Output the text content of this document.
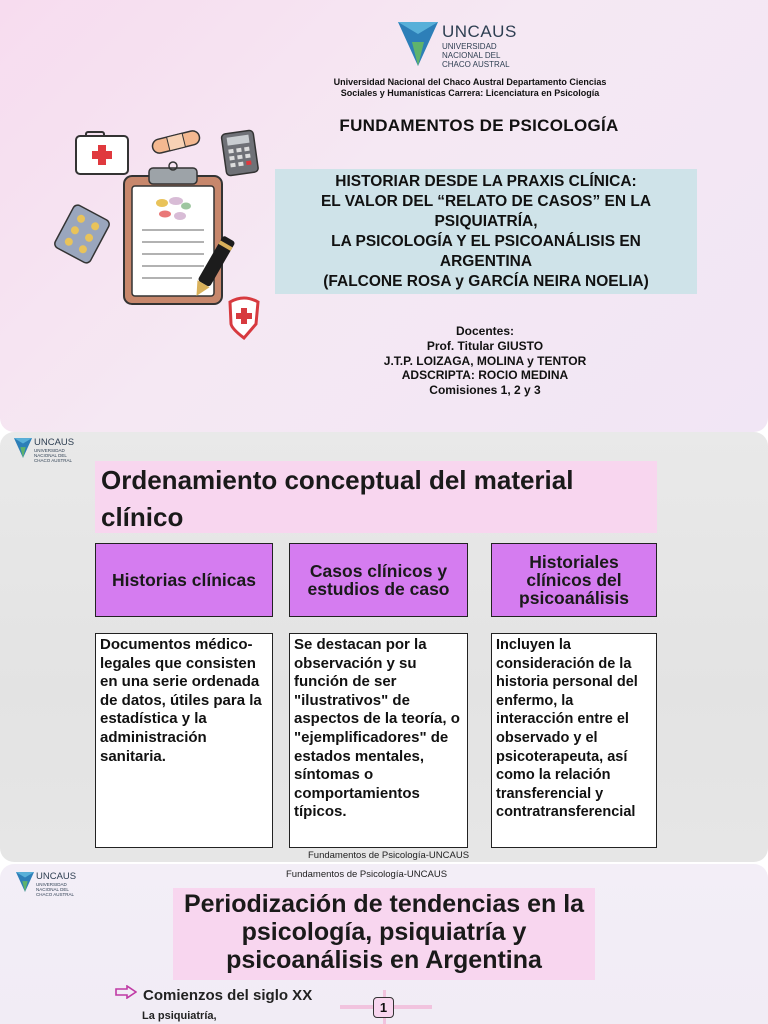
UNCAUS
UNIVERSIDAD
NACIONAL DEL
CHACO AUSTRAL
Universidad Nacional del Chaco Austral Departamento Ciencias
Sociales y Humanísticas Carrera: Licenciatura en Psicología
FUNDAMENTOS DE PSICOLOGÍA
HISTORIAR DESDE LA PRAXIS CLÍNICA:
EL VALOR DEL “RELATO DE CASOS” EN LA
PSIQUIATRÍA,
LA PSICOLOGÍA Y EL PSICOANÁLISIS EN
ARGENTINA
(FALCONE ROSA y GARCÍA NEIRA NOELIA)
Docentes:
Prof. Titular GIUSTO
J.T.P. LOIZAGA, MOLINA y TENTOR
ADSCRIPTA: ROCIO MEDINA
Comisiones 1, 2 y 3
UNCAUS
UNIVERSIDAD
NACIONAL DEL
CHACO AUSTRAL
Ordenamiento conceptual del material clínico
Historias clínicas	Casos clínicos y estudios de caso
Historiales clínicos del psicoanálisis
Documentos médico-legales que consisten en una serie ordenada de datos, útiles para la estadística y la administración sanitaria.
Se destacan por la observación y su función de ser "ilustrativos" de aspectos de la teoría, o "ejemplificadores" de estados mentales, síntomas o comportamientos típicos.
Incluyen la consideración de la historia personal del enfermo, la interacción entre el observado y el psicoterapeuta, así como la relación transferencial y contratransferencial
Fundamentos de Psicología-UNCAUS
UNCAUS
UNIVERSIDAD
NACIONAL DEL
CHACO AUSTRAL
Fundamentos de Psicología-UNCAUS
Periodización de tendencias en la psicología, psiquiatría y psicoanálisis en Argentina
Comienzos del siglo XX
La psiquiatría,
1
